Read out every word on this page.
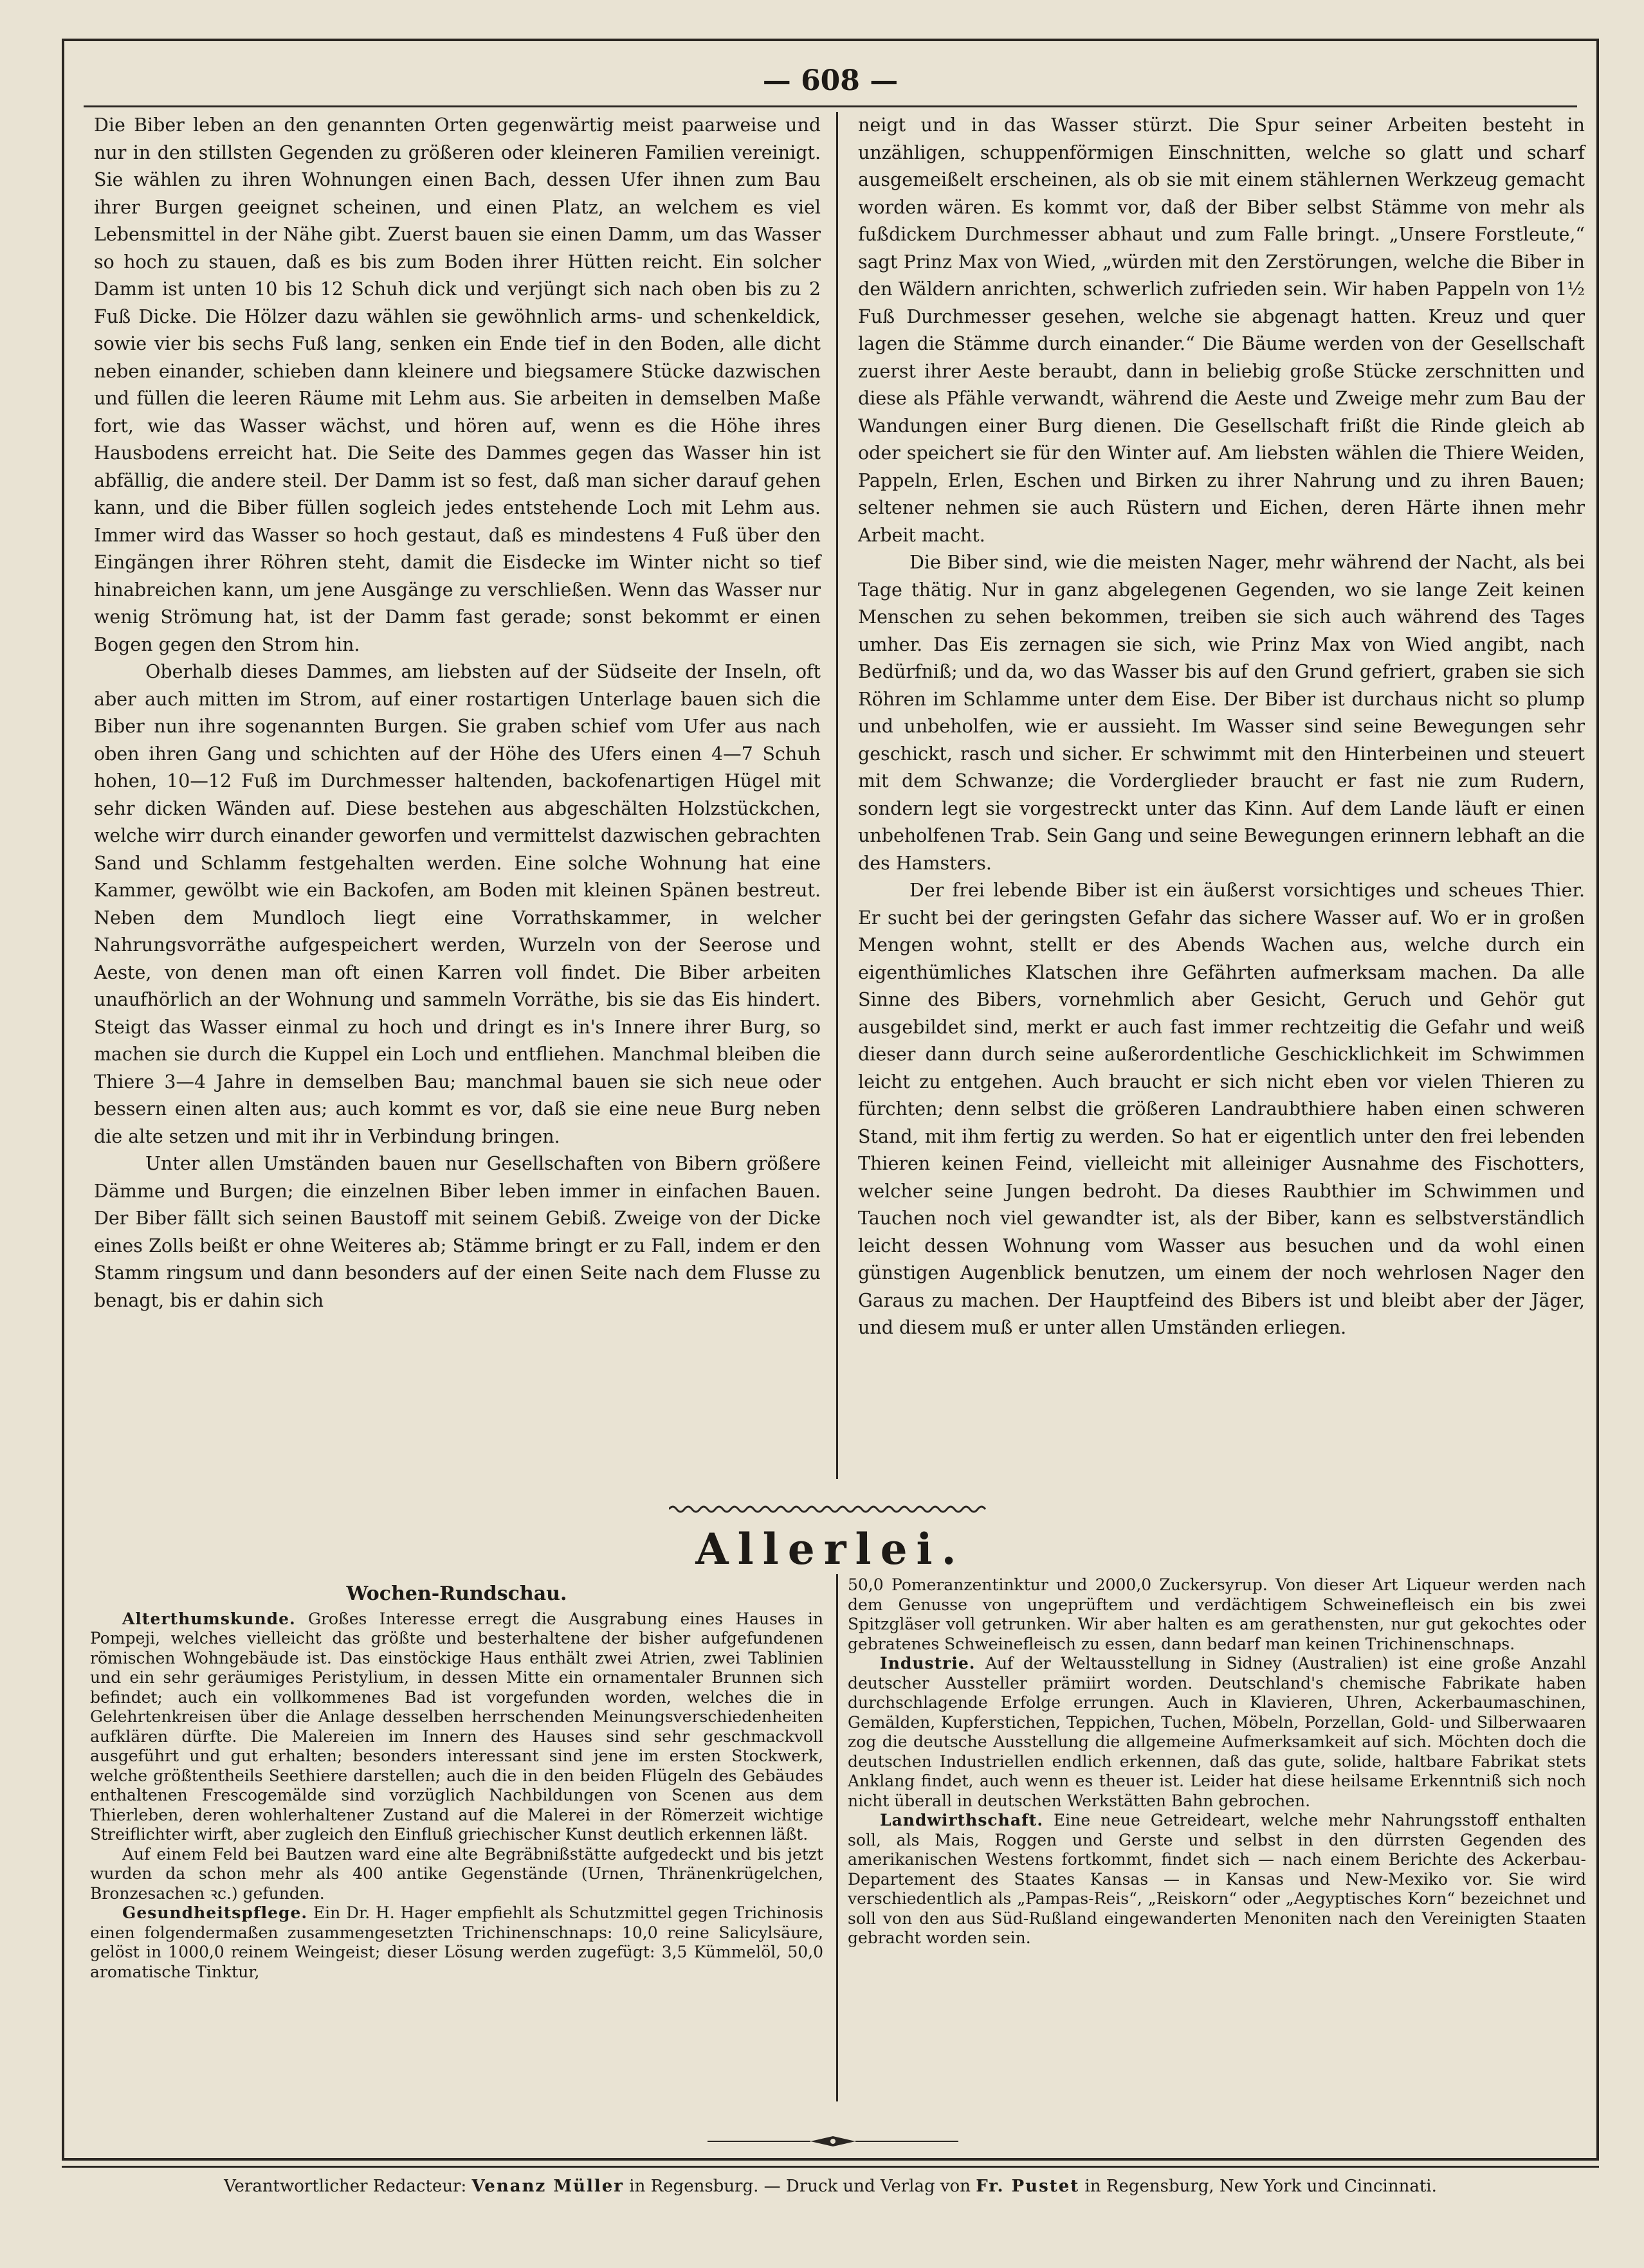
— 608 —

Die Biber leben an den genannten Orten gegenwärtig meist paarweise und nur in den stillsten Gegenden zu größeren oder kleineren Familien vereinigt. Sie wählen zu ihren Wohnungen einen Bach, dessen Ufer ihnen zum Bau ihrer Burgen geeignet scheinen, und einen Platz, an welchem es viel Lebensmittel in der Nähe gibt. Zuerst bauen sie einen Damm, um das Wasser so hoch zu stauen, daß es bis zum Boden ihrer Hütten reicht. Ein solcher Damm ist unten 10 bis 12 Schuh dick und verjüngt sich nach oben bis zu 2 Fuß Dicke. Die Hölzer dazu wählen sie gewöhnlich arms- und schenkeldick, sowie vier bis sechs Fuß lang, senken ein Ende tief in den Boden, alle dicht neben einander, schieben dann kleinere und biegsamere Stücke dazwischen und füllen die leeren Räume mit Lehm aus. Sie arbeiten in demselben Maße fort, wie das Wasser wächst, und hören auf, wenn es die Höhe ihres Hausbodens erreicht hat. Die Seite des Dammes gegen das Wasser hin ist abfällig, die andere steil. Der Damm ist so fest, daß man sicher darauf gehen kann, und die Biber füllen sogleich jedes entstehende Loch mit Lehm aus. Immer wird das Wasser so hoch gestaut, daß es mindestens 4 Fuß über den Eingängen ihrer Röhren steht, damit die Eisdecke im Winter nicht so tief hinabreichen kann, um jene Ausgänge zu verschließen. Wenn das Wasser nur wenig Strömung hat, ist der Damm fast gerade; sonst bekommt er einen Bogen gegen den Strom hin.

Oberhalb dieses Dammes, am liebsten auf der Südseite der Inseln, oft aber auch mitten im Strom, auf einer rostartigen Unterlage bauen sich die Biber nun ihre sogenannten Burgen. Sie graben schief vom Ufer aus nach oben ihren Gang und schichten auf der Höhe des Ufers einen 4—7 Schuh hohen, 10—12 Fuß im Durchmesser haltenden, backofenartigen Hügel mit sehr dicken Wänden auf. Diese bestehen aus abgeschälten Holzstückchen, welche wirr durch einander geworfen und vermittelst dazwischen gebrachten Sand und Schlamm festgehalten werden. Eine solche Wohnung hat eine Kammer, gewölbt wie ein Backofen, am Boden mit kleinen Spänen bestreut. Neben dem Mundloch liegt eine Vorrathskammer, in welcher Nahrungsvorräthe aufgespeichert werden, Wurzeln von der Seerose und Aeste, von denen man oft einen Karren voll findet. Die Biber arbeiten unaufhörlich an der Wohnung und sammeln Vorräthe, bis sie das Eis hindert. Steigt das Wasser einmal zu hoch und dringt es in's Innere ihrer Burg, so machen sie durch die Kuppel ein Loch und entfliehen. Manchmal bleiben die Thiere 3—4 Jahre in demselben Bau; manchmal bauen sie sich neue oder bessern einen alten aus; auch kommt es vor, daß sie eine neue Burg neben die alte setzen und mit ihr in Verbindung bringen.

Unter allen Umständen bauen nur Gesellschaften von Bibern größere Dämme und Burgen; die einzelnen Biber leben immer in einfachen Bauen. Der Biber fällt sich seinen Baustoff mit seinem Gebiß. Zweige von der Dicke eines Zolls beißt er ohne Weiteres ab; Stämme bringt er zu Fall, indem er den Stamm ringsum und dann besonders auf der einen Seite nach dem Flusse zu benagt, bis er dahin sich

neigt und in das Wasser stürzt. Die Spur seiner Arbeiten besteht in unzähligen, schuppenförmigen Einschnitten, welche so glatt und scharf ausgemeißelt erscheinen, als ob sie mit einem stählernen Werkzeug gemacht worden wären. Es kommt vor, daß der Biber selbst Stämme von mehr als fußdickem Durchmesser abhaut und zum Falle bringt. „Unsere Forstleute,“ sagt Prinz Max von Wied, „würden mit den Zerstörungen, welche die Biber in den Wäldern anrichten, schwerlich zufrieden sein. Wir haben Pappeln von 1½ Fuß Durchmesser gesehen, welche sie abgenagt hatten. Kreuz und quer lagen die Stämme durch einander.“ Die Bäume werden von der Gesellschaft zuerst ihrer Aeste beraubt, dann in beliebig große Stücke zerschnitten und diese als Pfähle verwandt, während die Aeste und Zweige mehr zum Bau der Wandungen einer Burg dienen. Die Gesellschaft frißt die Rinde gleich ab oder speichert sie für den Winter auf. Am liebsten wählen die Thiere Weiden, Pappeln, Erlen, Eschen und Birken zu ihrer Nahrung und zu ihren Bauen; seltener nehmen sie auch Rüstern und Eichen, deren Härte ihnen mehr Arbeit macht.

Die Biber sind, wie die meisten Nager, mehr während der Nacht, als bei Tage thätig. Nur in ganz abgelegenen Gegenden, wo sie lange Zeit keinen Menschen zu sehen bekommen, treiben sie sich auch während des Tages umher. Das Eis zernagen sie sich, wie Prinz Max von Wied angibt, nach Bedürfniß; und da, wo das Wasser bis auf den Grund gefriert, graben sie sich Röhren im Schlamme unter dem Eise. Der Biber ist durchaus nicht so plump und unbeholfen, wie er aussieht. Im Wasser sind seine Bewegungen sehr geschickt, rasch und sicher. Er schwimmt mit den Hinterbeinen und steuert mit dem Schwanze; die Vorderglieder braucht er fast nie zum Rudern, sondern legt sie vorgestreckt unter das Kinn. Auf dem Lande läuft er einen unbeholfenen Trab. Sein Gang und seine Bewegungen erinnern lebhaft an die des Hamsters.

Der frei lebende Biber ist ein äußerst vorsichtiges und scheues Thier. Er sucht bei der geringsten Gefahr das sichere Wasser auf. Wo er in großen Mengen wohnt, stellt er des Abends Wachen aus, welche durch ein eigenthümliches Klatschen ihre Gefährten aufmerksam machen. Da alle Sinne des Bibers, vornehmlich aber Gesicht, Geruch und Gehör gut ausgebildet sind, merkt er auch fast immer rechtzeitig die Gefahr und weiß dieser dann durch seine außerordentliche Geschicklichkeit im Schwimmen leicht zu entgehen. Auch braucht er sich nicht eben vor vielen Thieren zu fürchten; denn selbst die größeren Landraubthiere haben einen schweren Stand, mit ihm fertig zu werden. So hat er eigentlich unter den frei lebenden Thieren keinen Feind, vielleicht mit alleiniger Ausnahme des Fischotters, welcher seine Jungen bedroht. Da dieses Raubthier im Schwimmen und Tauchen noch viel gewandter ist, als der Biber, kann es selbstverständlich leicht dessen Wohnung vom Wasser aus besuchen und da wohl einen günstigen Augenblick benutzen, um einem der noch wehrlosen Nager den Garaus zu machen. Der Hauptfeind des Bibers ist und bleibt aber der Jäger, und diesem muß er unter allen Umständen erliegen.

Allerlei.
Wochen-Rundschau.

Alterthumskunde. Großes Interesse erregt die Ausgrabung eines Hauses in Pompeji, welches vielleicht das größte und besterhaltene der bisher aufgefundenen römischen Wohngebäude ist. Das einstöckige Haus enthält zwei Atrien, zwei Tablinien und ein sehr geräumiges Peristylium, in dessen Mitte ein ornamentaler Brunnen sich befindet; auch ein vollkommenes Bad ist vorgefunden worden, welches die in Gelehrtenkreisen über die Anlage desselben herrschenden Meinungsverschiedenheiten aufklären dürfte. Die Malereien im Innern des Hauses sind sehr geschmackvoll ausgeführt und gut erhalten; besonders interessant sind jene im ersten Stockwerk, welche größtentheils Seethiere darstellen; auch die in den beiden Flügeln des Gebäudes enthaltenen Frescogemälde sind vorzüglich Nachbildungen von Scenen aus dem Thierleben, deren wohlerhaltener Zustand auf die Malerei in der Römerzeit wichtige Streiflichter wirft, aber zugleich den Einfluß griechischer Kunst deutlich erkennen läßt.

Auf einem Feld bei Bautzen ward eine alte Begräbnißstätte aufgedeckt und bis jetzt wurden da schon mehr als 400 antike Gegenstände (Urnen, Thränenkrügelchen, Bronzesachen ꝛc.) gefunden.

Gesundheitspflege. Ein Dr. H. Hager empfiehlt als Schutzmittel gegen Trichinosis einen folgendermaßen zusammengesetzten Trichinenschnaps: 10,0 reine Salicylsäure, gelöst in 1000,0 reinem Weingeist; dieser Lösung werden zugefügt: 3,5 Kümmelöl, 50,0 aromatische Tinktur,

50,0 Pomeranzentinktur und 2000,0 Zuckersyrup. Von dieser Art Liqueur werden nach dem Genusse von ungeprüftem und verdächtigem Schweinefleisch ein bis zwei Spitzgläser voll getrunken. Wir aber halten es am gerathensten, nur gut gekochtes oder gebratenes Schweinefleisch zu essen, dann bedarf man keinen Trichinenschnaps.

Industrie. Auf der Weltausstellung in Sidney (Australien) ist eine große Anzahl deutscher Aussteller prämiirt worden. Deutschland's chemische Fabrikate haben durchschlagende Erfolge errungen. Auch in Klavieren, Uhren, Ackerbaumaschinen, Gemälden, Kupferstichen, Teppichen, Tuchen, Möbeln, Porzellan, Gold- und Silberwaaren zog die deutsche Ausstellung die allgemeine Aufmerksamkeit auf sich. Möchten doch die deutschen Industriellen endlich erkennen, daß das gute, solide, haltbare Fabrikat stets Anklang findet, auch wenn es theuer ist. Leider hat diese heilsame Erkenntniß sich noch nicht überall in deutschen Werkstätten Bahn gebrochen.

Landwirthschaft. Eine neue Getreideart, welche mehr Nahrungsstoff enthalten soll, als Mais, Roggen und Gerste und selbst in den dürrsten Gegenden des amerikanischen Westens fortkommt, findet sich — nach einem Berichte des Ackerbau-Departement des Staates Kansas — in Kansas und New-Mexiko vor. Sie wird verschiedentlich als „Pampas-Reis“, „Reiskorn“ oder „Aegyptisches Korn“ bezeichnet und soll von den aus Süd-Rußland eingewanderten Menoniten nach den Vereinigten Staaten gebracht worden sein.

Verantwortlicher Redacteur: Venanz Müller in Regensburg. — Druck und Verlag von Fr. Pustet in Regensburg, New York und Cincinnati.
